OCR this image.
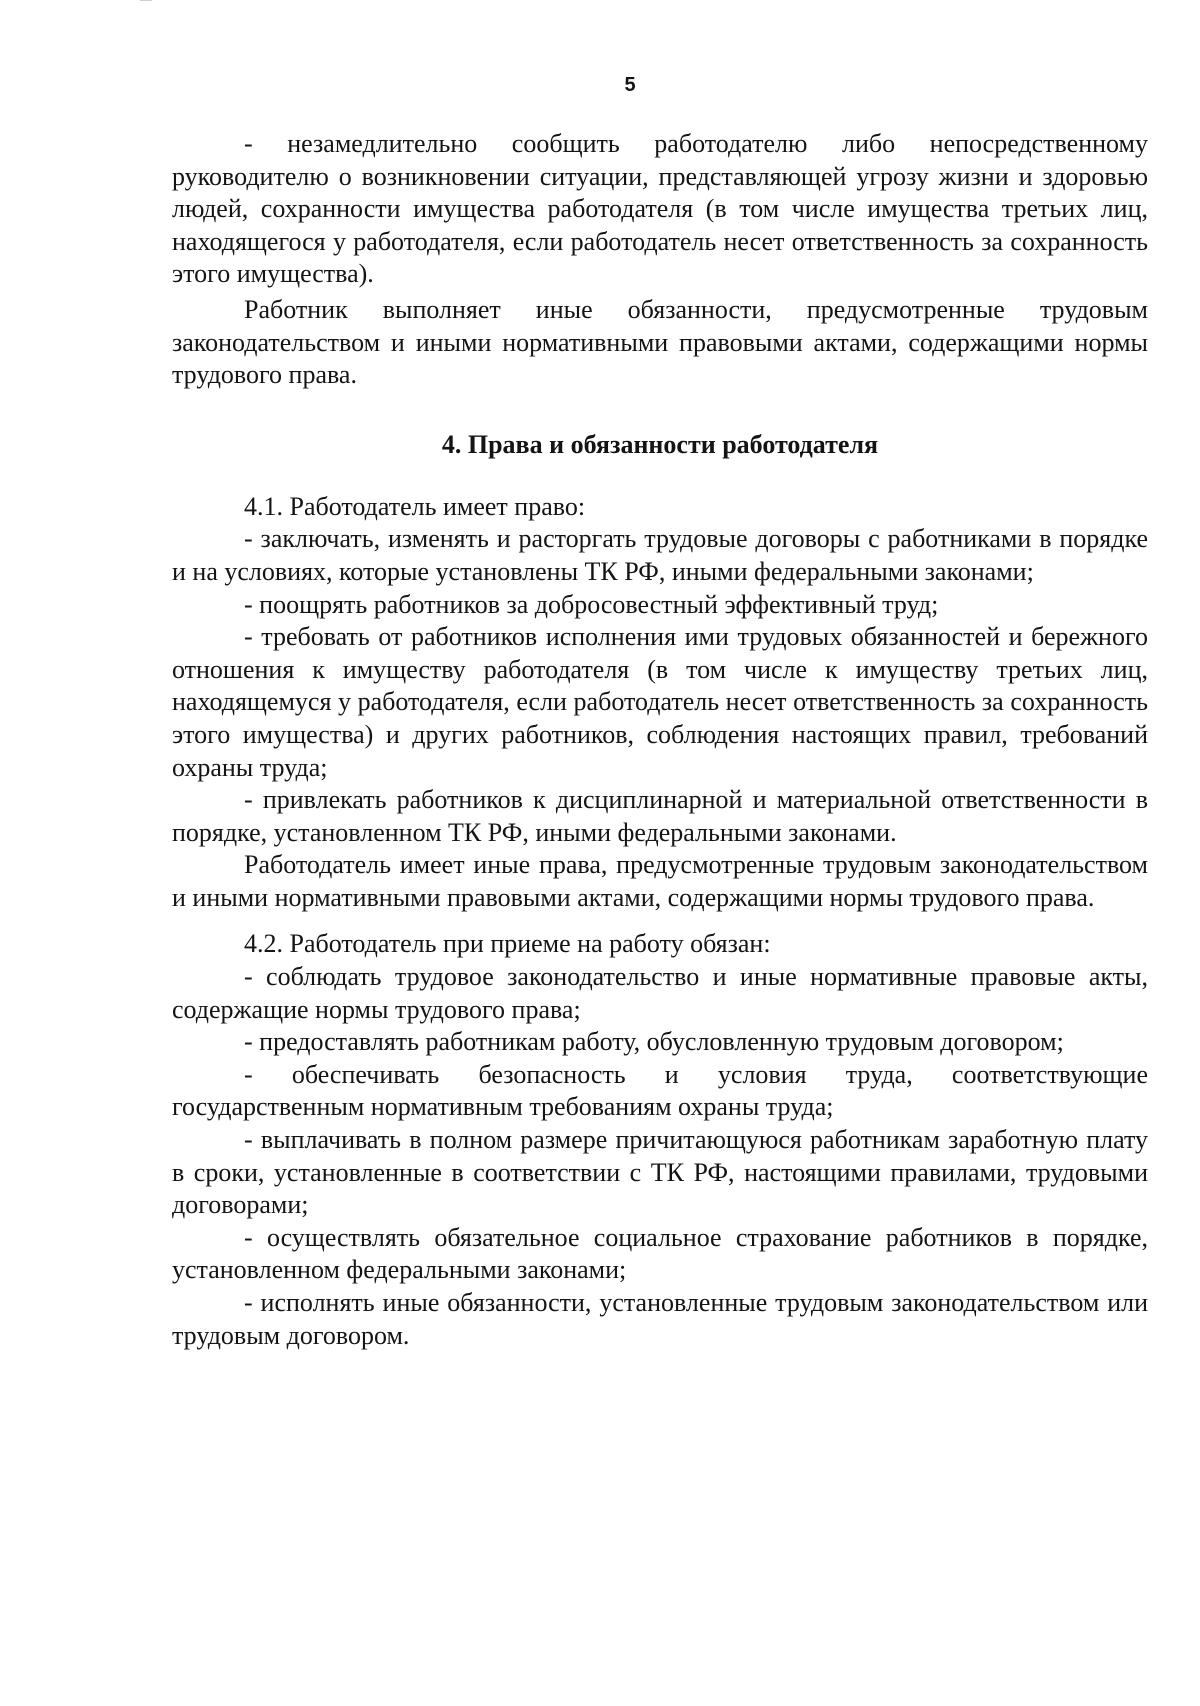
5

- незамедлительно сообщить работодателю либо непосредственному руководителю о возникновении ситуации, представляющей угрозу жизни и здоровью людей, сохранности имущества работодателя (в том числе имущества третьих лиц, находящегося у работодателя, если работодатель несет ответственность за сохранность этого имущества).

Работник выполняет иные обязанности, предусмотренные трудовым законодательством и иными нормативными правовыми актами, содержащими нормы трудового права.

4. Права и обязанности работодателя

4.1. Работодатель имеет право:

- заключать, изменять и расторгать трудовые договоры с работниками в порядке и на условиях, которые установлены ТК РФ, иными федеральными законами;

- поощрять работников за добросовестный эффективный труд;

- требовать от работников исполнения ими трудовых обязанностей и бережного отношения к имуществу работодателя (в том числе к имуществу третьих лиц, находящемуся у работодателя, если работодатель несет ответственность за сохранность этого имущества) и других работников, соблюдения настоящих правил, требований охраны труда;

- привлекать работников к дисциплинарной и материальной ответственности в порядке, установленном ТК РФ, иными федеральными законами.

Работодатель имеет иные права, предусмотренные трудовым законодательством и иными нормативными правовыми актами, содержащими нормы трудового права.

4.2. Работодатель при приеме на работу обязан:

- соблюдать трудовое законодательство и иные нормативные правовые акты, содержащие нормы трудового права;

- предоставлять работникам работу, обусловленную трудовым договором;

- обеспечивать безопасность и условия труда, соответствующие государственным нормативным требованиям охраны труда;

- выплачивать в полном размере причитающуюся работникам заработную плату в сроки, установленные в соответствии с ТК РФ, настоящими правилами, трудовыми договорами;

- осуществлять обязательное социальное страхование работников в порядке, установленном федеральными законами;

- исполнять иные обязанности, установленные трудовым законодательством или трудовым договором.
